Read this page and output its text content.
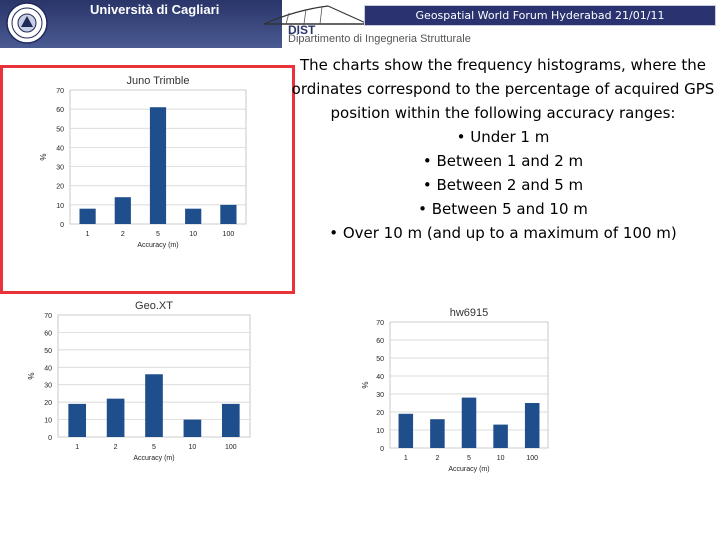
Università di Cagliari	Geospatial World Forum Hyderabad 21/01/11
DIST
Dipartimento di Ingegneria Strutturale
0
10
20
30
40
50
60
70
1	2	5	10	100
Juno Trimble
Accuracy (m)
%
0
10
20
30
40
50
60
70
1	2	5	10	100
Geo.XT
Accuracy (m)
%
0
10
20
30
40
50
60
70
1	2	5	10	100
hw6915
Accuracy (m)
%

The charts show the frequency histograms, where the ordinates correspond to the percentage of acquired GPS position within the following accuracy ranges:

• Under 1 m
• Between 1 and 2 m
• Between 2 and 5 m
• Between 5 and 10 m
• Over 10 m (and up to a maximum of 100 m)
